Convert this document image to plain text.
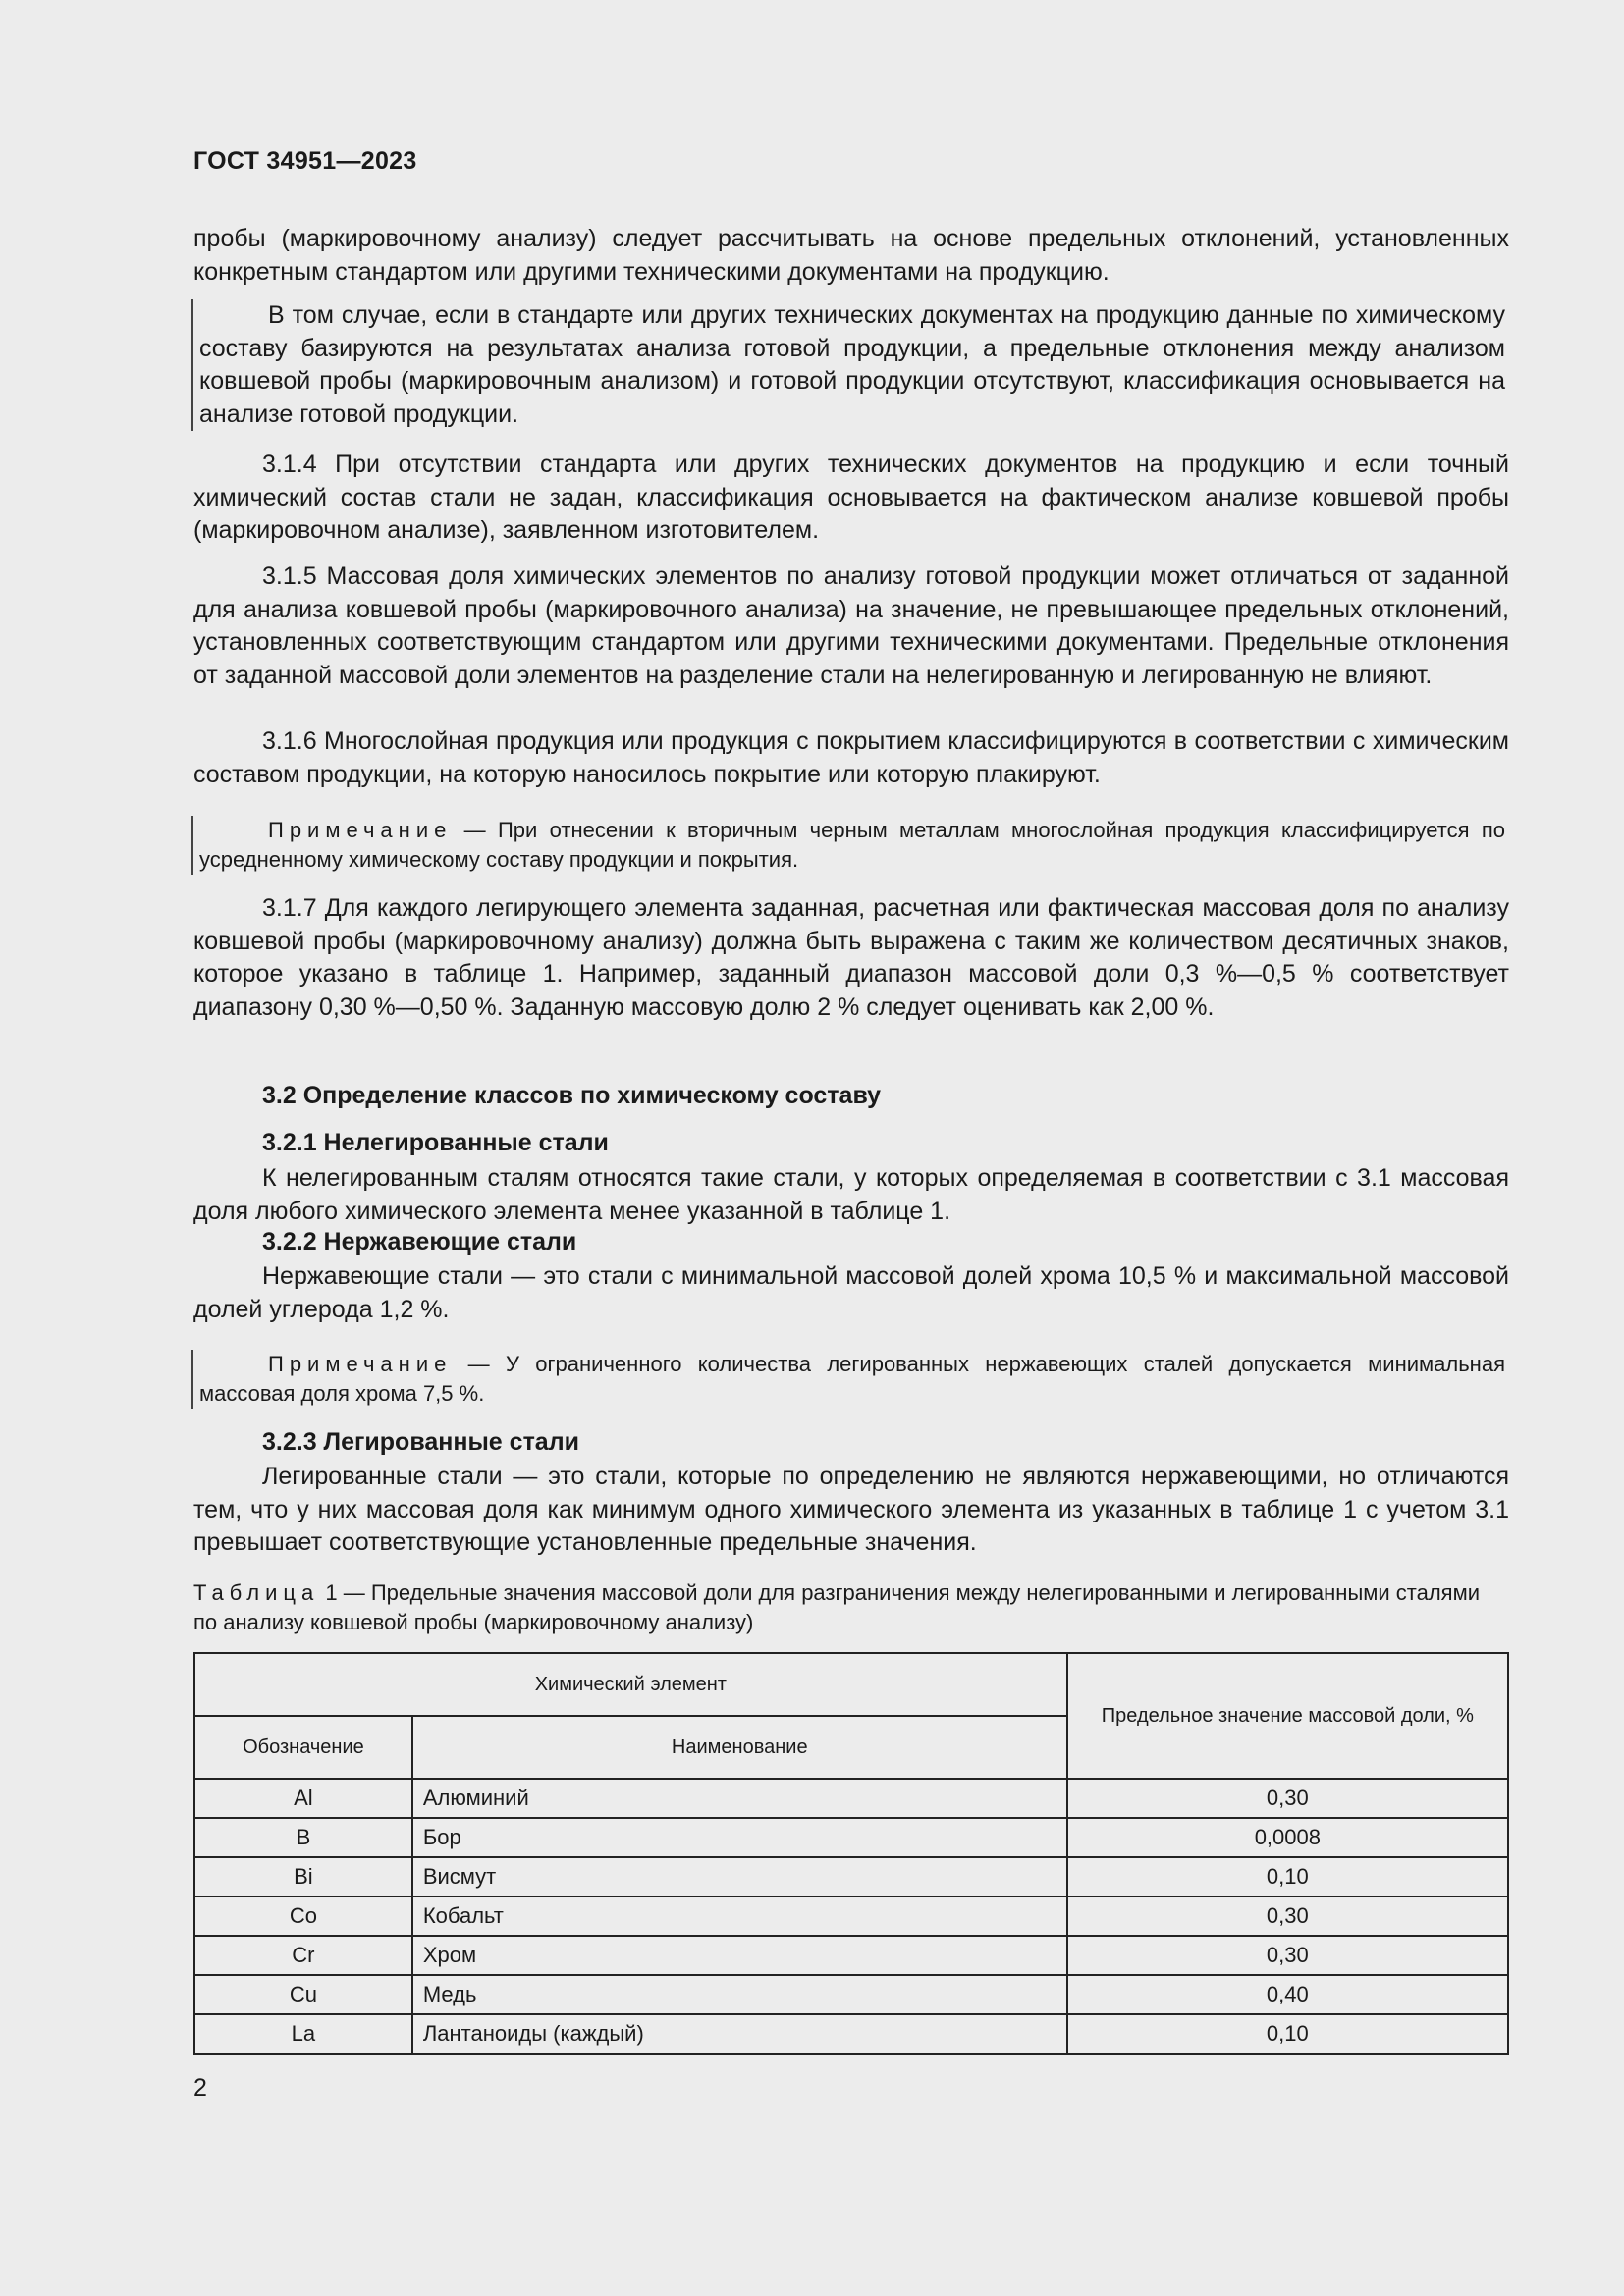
ГОСТ 34951—2023
пробы (маркировочному анализу) следует рассчитывать на основе предельных отклонений, установленных конкретным стандартом или другими техническими документами на продукцию.
В том случае, если в стандарте или других технических документах на продукцию данные по химическому составу базируются на результатах анализа готовой продукции, а предельные отклонения между анализом ковшевой пробы (маркировочным анализом) и готовой продукции отсутствуют, классификация основывается на анализе готовой продукции.
3.1.4 При отсутствии стандарта или других технических документов на продукцию и если точный химический состав стали не задан, классификация основывается на фактическом анализе ковшевой пробы (маркировочном анализе), заявленном изготовителем.
3.1.5 Массовая доля химических элементов по анализу готовой продукции может отличаться от заданной для анализа ковшевой пробы (маркировочного анализа) на значение, не превышающее предельных отклонений, установленных соответствующим стандартом или другими техническими документами. Предельные отклонения от заданной массовой доли элементов на разделение стали на нелегированную и легированную не влияют.
3.1.6 Многослойная продукция или продукция с покрытием классифицируются в соответствии с химическим составом продукции, на которую наносилось покрытие или которую плакируют.
Примечание — При отнесении к вторичным черным металлам многослойная продукция классифицируется по усредненному химическому составу продукции и покрытия.
3.1.7 Для каждого легирующего элемента заданная, расчетная или фактическая массовая доля по анализу ковшевой пробы (маркировочному анализу) должна быть выражена с таким же количеством десятичных знаков, которое указано в таблице 1. Например, заданный диапазон массовой доли 0,3 %—0,5 % соответствует диапазону 0,30 %—0,50 %. Заданную массовую долю 2 % следует оценивать как 2,00 %.
3.2 Определение классов по химическому составу
3.2.1 Нелегированные стали
К нелегированным сталям относятся такие стали, у которых определяемая в соответствии с 3.1 массовая доля любого химического элемента менее указанной в таблице 1.
3.2.2 Нержавеющие стали
Нержавеющие стали — это стали с минимальной массовой долей хрома 10,5 % и максимальной массовой долей углерода 1,2 %.
Примечание — У ограниченного количества легированных нержавеющих сталей допускается минимальная массовая доля хрома 7,5 %.
3.2.3 Легированные стали
Легированные стали — это стали, которые по определению не являются нержавеющими, но отличаются тем, что у них массовая доля как минимум одного химического элемента из указанных в таблице 1 с учетом 3.1 превышает соответствующие установленные предельные значения.
Таблица 1 — Предельные значения массовой доли для разграничения между нелегированными и легированными сталями по анализу ковшевой пробы (маркировочному анализу)
Химический элемент		Предельное значение массовой доли, %
Обозначение	Наименование	
Al	Алюминий	0,30
B	Бор	0,0008
Bi	Висмут	0,10
Co	Кобальт	0,30
Cr	Хром	0,30
Cu	Медь	0,40
La	Лантаноиды (каждый)	0,10
2
